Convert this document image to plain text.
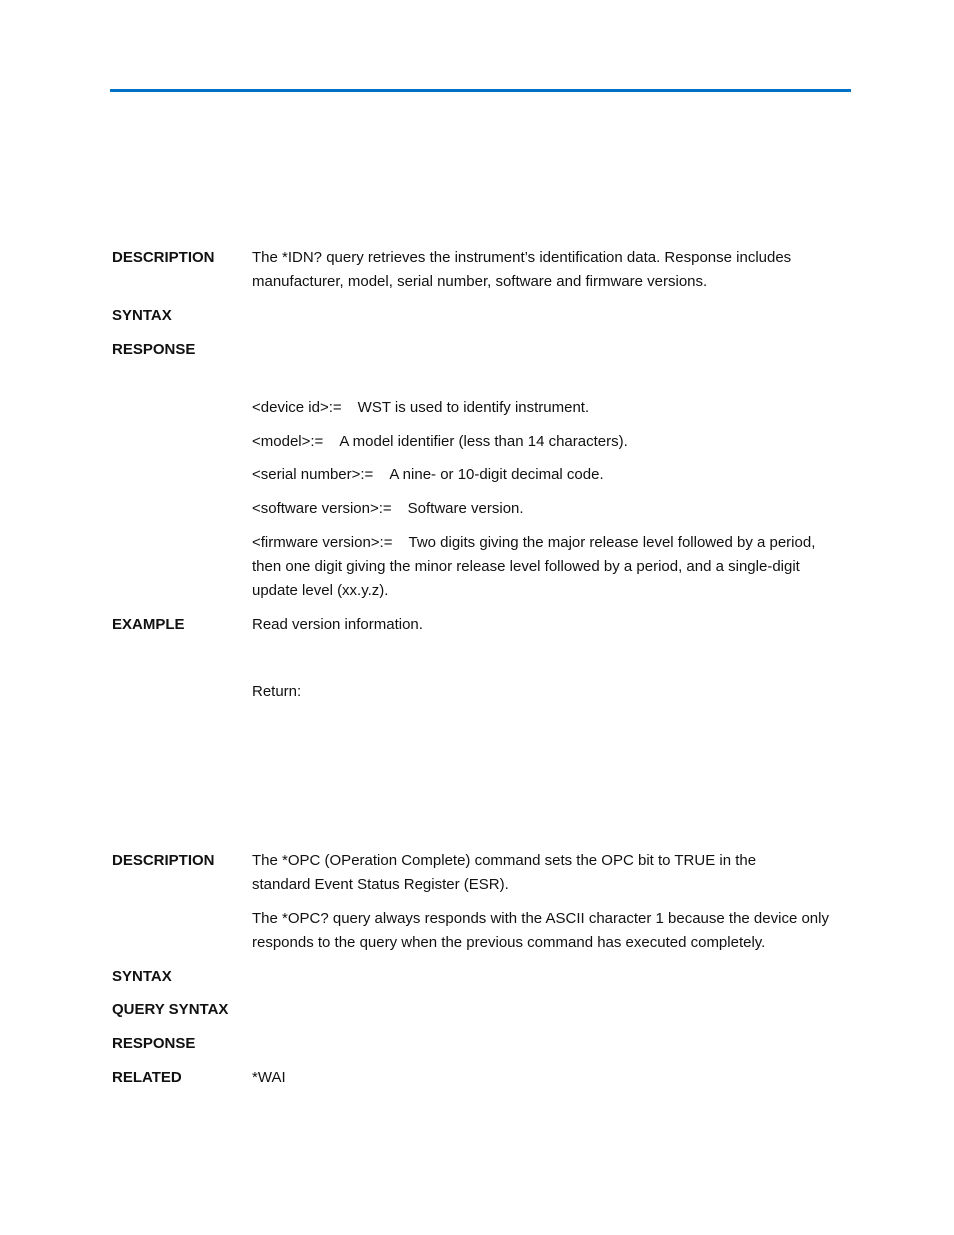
DESCRIPTION The *IDN? query retrieves the instrument’s identification data. Response includes manufacturer, model, serial number, software and firmware versions.
SYNTAX
RESPONSE
<device id>:= WST is used to identify instrument.
<model>:= A model identifier (less than 14 characters).
<serial number>:= A nine- or 10-digit decimal code.
<software version>:= Software version.
<firmware version>:= Two digits giving the major release level followed by a period, then one digit giving the minor release level followed by a period, and a single-digit update level (xx.y.z).
EXAMPLE	Read version information.
Return:
DESCRIPTION The *OPC (OPeration Complete) command sets the OPC bit to TRUE in the standard Event Status Register (ESR).
The *OPC? query always responds with the ASCII character 1 because the device only responds to the query when the previous command has executed completely.
SYNTAX
QUERY SYNTAX
RESPONSE
RELATED	*WAI
